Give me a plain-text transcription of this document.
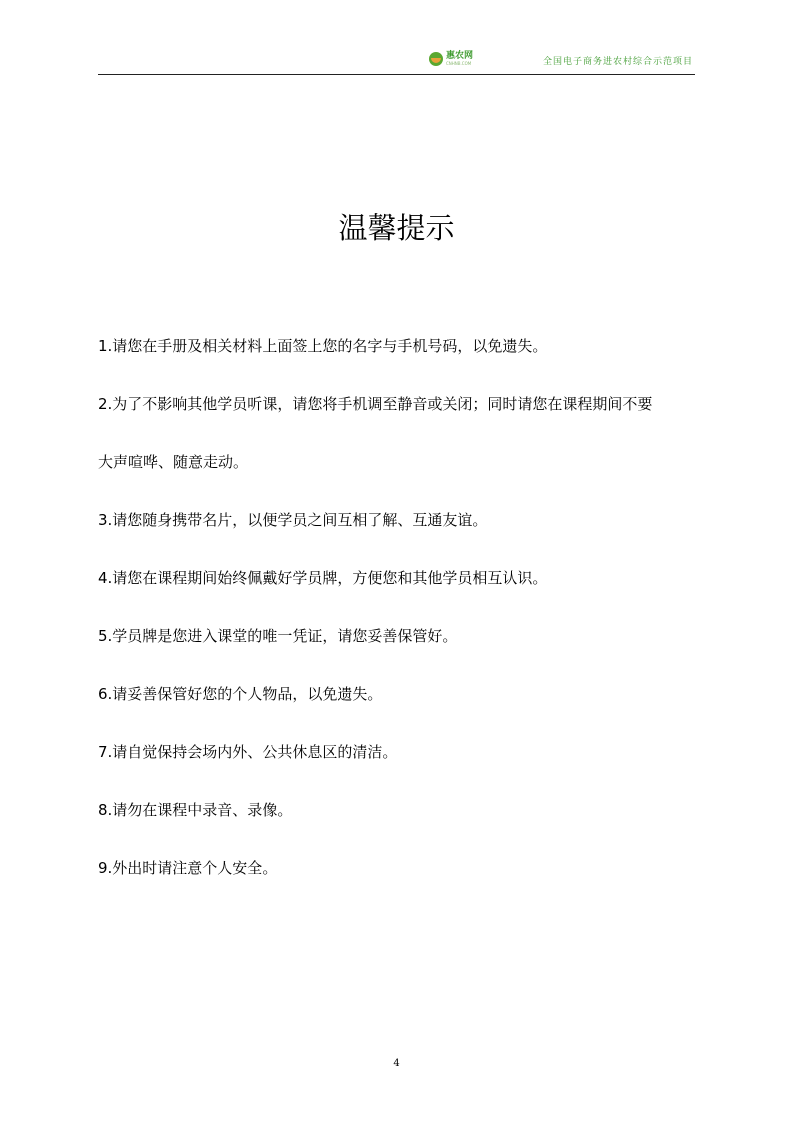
惠农网
CNHNB.COM	全国电子商务进农村综合示范项目
温馨提示
1.请您在手册及相关材料上面签上您的名字与手机号码，以免遗失。
2.为了不影响其他学员听课，请您将手机调至静音或关闭；同时请您在课程期间不要
大声喧哗、随意走动。
3.请您随身携带名片，以便学员之间互相了解、互通友谊。
4.请您在课程期间始终佩戴好学员牌，方便您和其他学员相互认识。
5.学员牌是您进入课堂的唯一凭证，请您妥善保管好。
6.请妥善保管好您的个人物品，以免遗失。
7.请自觉保持会场内外、公共休息区的清洁。
8.请勿在课程中录音、录像。
9.外出时请注意个人安全。
4
